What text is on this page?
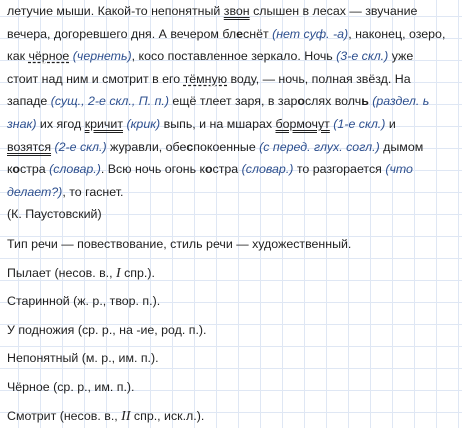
летучие мыши. Какой-то непонятный звон слышен в лесах — звучание
вечера, догоревшего дня. А вечером блеснёт (нет суф. -а), наконец, озеро,
как чёрное (чернеть), косо поставленное зеркало. Ночь (3-е скл.) уже
стоит над ним и смотрит в его тёмную воду, — ночь, полная звёзд. На
западе (сущ., 2-е скл., П. п.) ещё тлеет заря, в зарослях волчь (раздел. ь
знак) их ягод кричит (крик) выпь, и на мшарах бормочут (1-е скл.) и
возятся (2-е скл.) журавли, обеспокоенные (с перед. глух. согл.) дымом
костра (словар.). Всю ночь огонь костра (словар.) то разгорается (что
делает?), то гаснет.
(К. Паустовский)
Тип речи — повествование, стиль речи — художественный.
Пылает (несов. в., I спр.).
Старинной (ж. р., твор. п.).
У подножия (ср. р., на -ие, род. п.).
Непонятный (м. р., им. п.).
Чёрное (ср. р., им. п.).
Смотрит (несов. в., II спр., иск.л.).
